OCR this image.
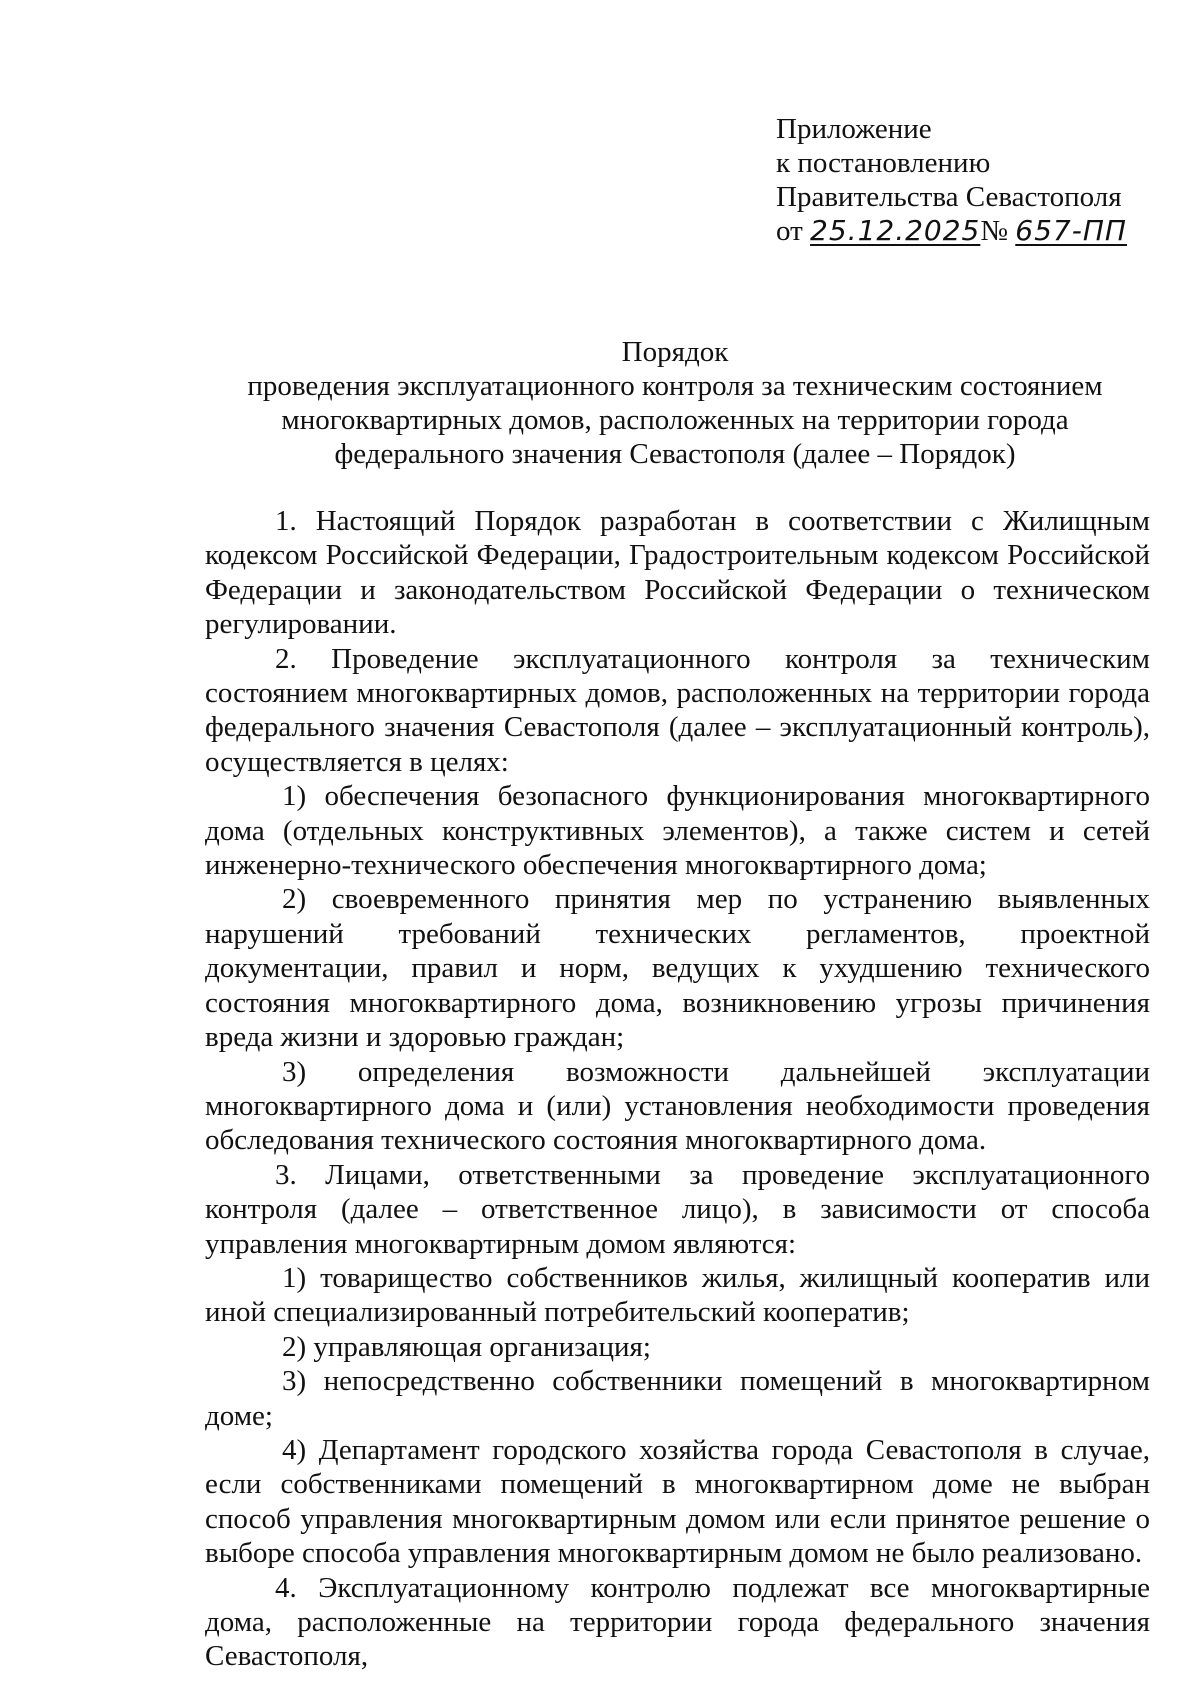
Приложение
к постановлению
Правительства Севастополя
от 25.12.2025№ 657-ПП
Порядок
проведения эксплуатационного контроля за техническим состоянием
многоквартирных домов, расположенных на территории города
федерального значения Севастополя (далее – Порядок)

1. Настоящий Порядок разработан в соответствии с Жилищным кодексом Российской Федерации, Градостроительным кодексом Российской Федерации и законодательством Российской Федерации о техническом регулировании.

2. Проведение эксплуатационного контроля за техническим состоянием многоквартирных домов, расположенных на территории города федерального значения Севастополя (далее – эксплуатационный контроль), осуществляется в целях:

1) обеспечения безопасного функционирования многоквартирного дома (отдельных конструктивных элементов), а также систем и сетей инженерно-технического обеспечения многоквартирного дома;

2) своевременного принятия мер по устранению выявленных нарушений требований технических регламентов, проектной документации, правил и норм, ведущих к ухудшению технического состояния многоквартирного дома, возникновению угрозы причинения вреда жизни и здоровью граждан;

3) определения возможности дальнейшей эксплуатации многоквартирного дома и (или) установления необходимости проведения обследования технического состояния многоквартирного дома.

3. Лицами, ответственными за проведение эксплуатационного контроля (далее – ответственное лицо), в зависимости от способа управления многоквартирным домом являются:

1) товарищество собственников жилья, жилищный кооператив или иной специализированный потребительский кооператив;

2) управляющая организация;

3) непосредственно собственники помещений в многоквартирном доме;

4) Департамент городского хозяйства города Севастополя в случае, если собственниками помещений в многоквартирном доме не выбран способ управления многоквартирным домом или если принятое решение о выборе способа управления многоквартирным домом не было реализовано.

4. Эксплуатационному контролю подлежат все многоквартирные дома, расположенные на территории города федерального значения Севастополя,
